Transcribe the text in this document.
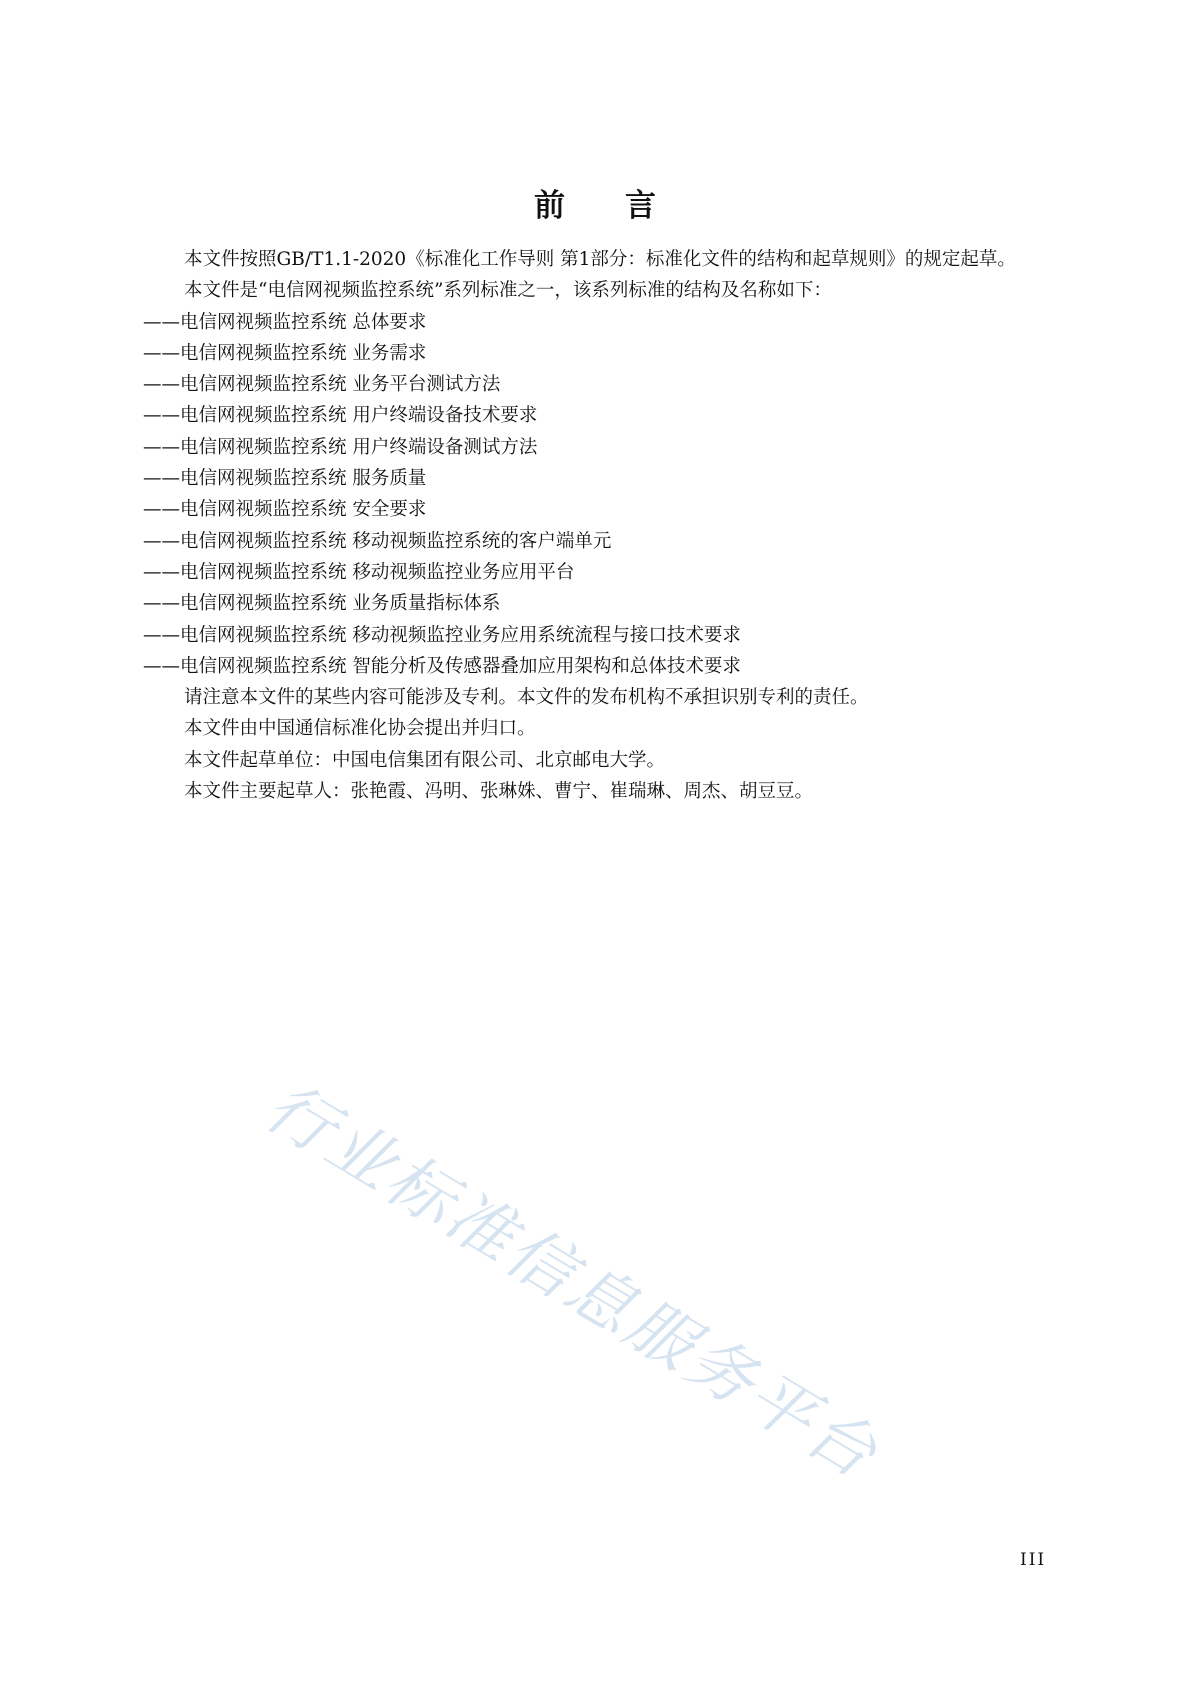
前言

本文件按照GB/T1.1-2020《标准化工作导则 第1部分：标准化文件的结构和起草规则》的规定起草。

本文件是“电信网视频监控系统”系列标准之一，该系列标准的结构及名称如下：

——电信网视频监控系统 总体要求

——电信网视频监控系统 业务需求

——电信网视频监控系统 业务平台测试方法

——电信网视频监控系统 用户终端设备技术要求

——电信网视频监控系统 用户终端设备测试方法

——电信网视频监控系统 服务质量

——电信网视频监控系统 安全要求

——电信网视频监控系统 移动视频监控系统的客户端单元

——电信网视频监控系统 移动视频监控业务应用平台

——电信网视频监控系统 业务质量指标体系

——电信网视频监控系统 移动视频监控业务应用系统流程与接口技术要求

——电信网视频监控系统 智能分析及传感器叠加应用架构和总体技术要求

请注意本文件的某些内容可能涉及专利。本文件的发布机构不承担识别专利的责任。

本文件由中国通信标准化协会提出并归口。

本文件起草单位：中国电信集团有限公司、北京邮电大学。

本文件主要起草人：张艳霞、冯明、张琳姝、曹宁、崔瑞琳、周杰、胡豆豆。

行业标准信息服务平台
III
